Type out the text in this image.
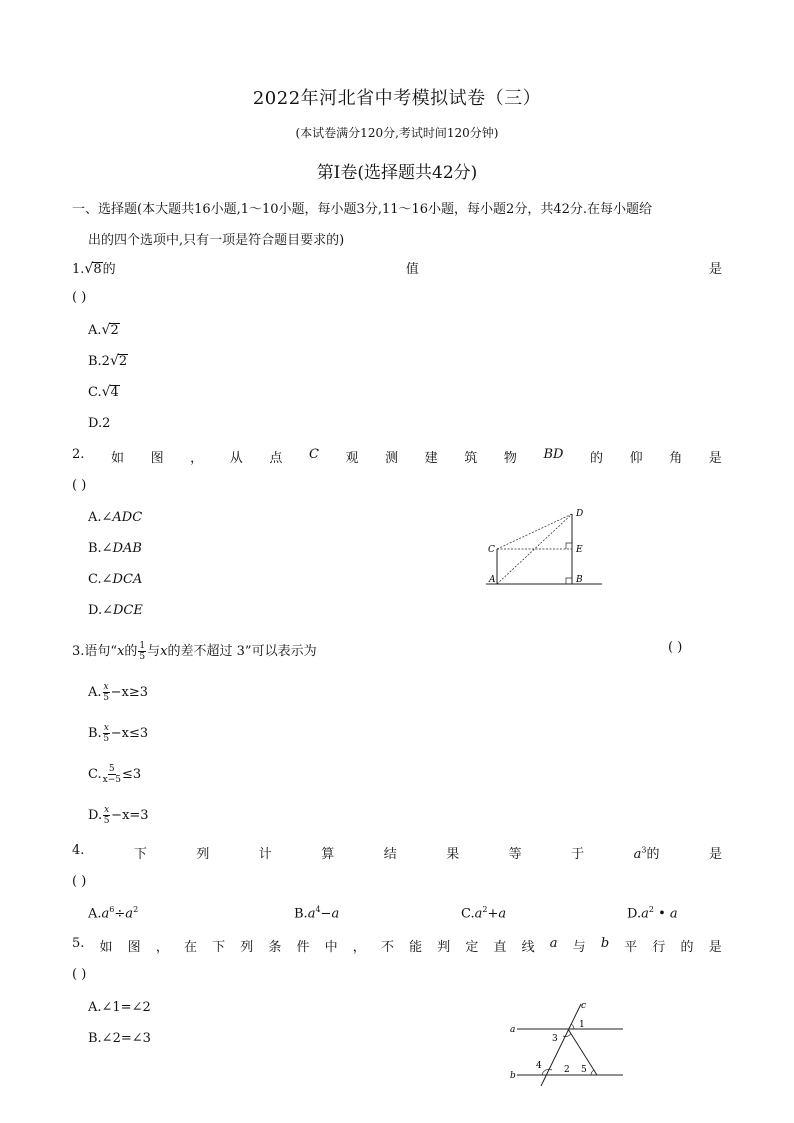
2022年河北省中考模拟试卷（三）
(本试卷满分120分,考试时间120分钟)
第Ⅰ卷(选择题共42分)
一、选择题(本大题共16小题,1～10小题，每小题3分,11～16小题，每小题2分，共42分.在每小题给
出的四个选项中,只有一项是符合题目要求的)
1.√8的	值	是
( )
A.√2
B.2√2
C.√4
D.2
2. 如 图 ， 从 点 C 观 测 建 筑 物 BD 的 仰 角 是
( )
A.∠ADC
B.∠DAB
C.∠DCA
D.∠DCE
D
C	E
A	B
3.语句“x的 $\frac{1}{5}$ 与x的差不超过 3”可以表示为	( )
A. $\frac{x}{5} -x\ge 3$
B. $\frac{x}{5} -x\le 3$
C. $\frac{5}{x-5} \le 3$
D. $\frac{x}{5} -x=3$
4.	下	列	计	算	结	果	等	于	$a^3$的	是
( )
$A.a^6\div a^2$	$B.a^4-a$	$C.a^2+a$	$D.a^2$ • a
5. 如 图 ， 在 下 列 条 件 中 ， 不 能 判 定 直 线 a 与 b 平 行 的 是
( )
A.∠1=∠2
B.∠2=∠3
c
a	1
3
4
b
2 5
